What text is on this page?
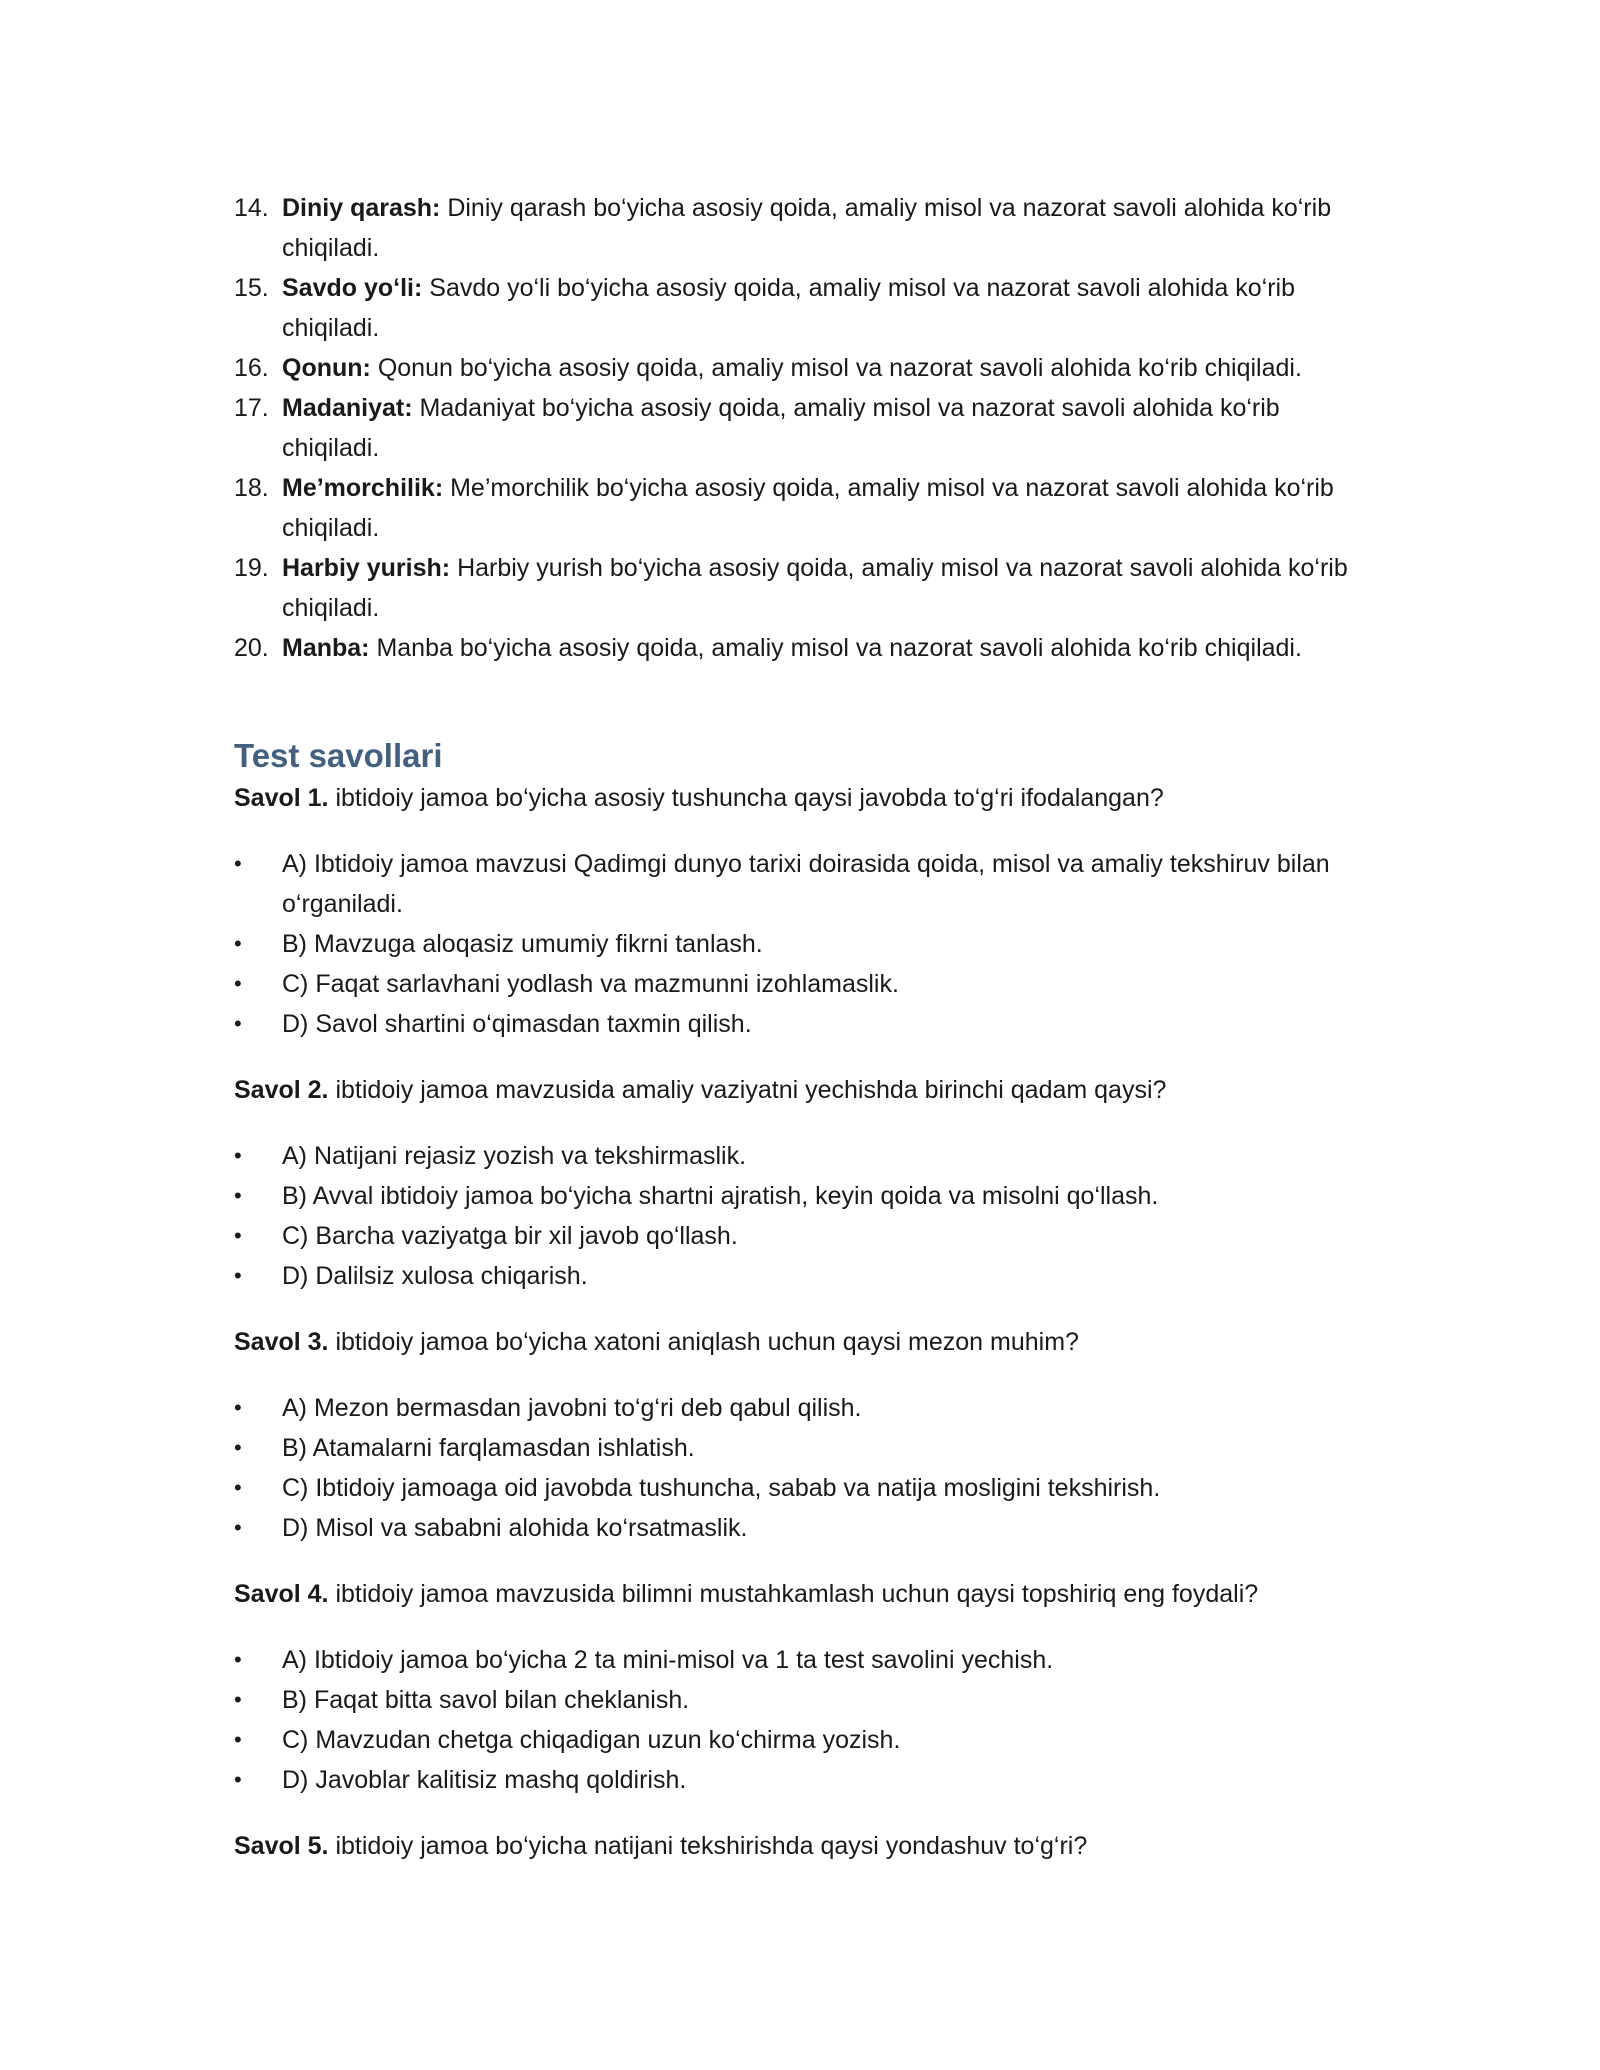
14. Diniy qarash: Diniy qarash bo‘yicha asosiy qoida, amaliy misol va nazorat savoli alohida ko‘rib chiqiladi.
15. Savdo yo‘li: Savdo yo‘li bo‘yicha asosiy qoida, amaliy misol va nazorat savoli alohida ko‘rib chiqiladi.
16. Qonun: Qonun bo‘yicha asosiy qoida, amaliy misol va nazorat savoli alohida ko‘rib chiqiladi.
17. Madaniyat: Madaniyat bo‘yicha asosiy qoida, amaliy misol va nazorat savoli alohida ko‘rib chiqiladi.
18. Me’morchilik: Me’morchilik bo‘yicha asosiy qoida, amaliy misol va nazorat savoli alohida ko‘rib chiqiladi.
19. Harbiy yurish: Harbiy yurish bo‘yicha asosiy qoida, amaliy misol va nazorat savoli alohida ko‘rib chiqiladi.
20. Manba: Manba bo‘yicha asosiy qoida, amaliy misol va nazorat savoli alohida ko‘rib chiqiladi.
Test savollari

Savol 1. ibtidoiy jamoa bo‘yicha asosiy tushuncha qaysi javobda to‘g‘ri ifodalangan?

• A) Ibtidoiy jamoa mavzusi Qadimgi dunyo tarixi doirasida qoida, misol va amaliy tekshiruv bilan o‘rganiladi.
• B) Mavzuga aloqasiz umumiy fikrni tanlash.
• C) Faqat sarlavhani yodlash va mazmunni izohlamaslik.
• D) Savol shartini o‘qimasdan taxmin qilish.

Savol 2. ibtidoiy jamoa mavzusida amaliy vaziyatni yechishda birinchi qadam qaysi?

• A) Natijani rejasiz yozish va tekshirmaslik.
• B) Avval ibtidoiy jamoa bo‘yicha shartni ajratish, keyin qoida va misolni qo‘llash.
• C) Barcha vaziyatga bir xil javob qo‘llash.
• D) Dalilsiz xulosa chiqarish.

Savol 3. ibtidoiy jamoa bo‘yicha xatoni aniqlash uchun qaysi mezon muhim?

• A) Mezon bermasdan javobni to‘g‘ri deb qabul qilish.
• B) Atamalarni farqlamasdan ishlatish.
• C) Ibtidoiy jamoaga oid javobda tushuncha, sabab va natija mosligini tekshirish.
• D) Misol va sababni alohida ko‘rsatmaslik.

Savol 4. ibtidoiy jamoa mavzusida bilimni mustahkamlash uchun qaysi topshiriq eng foydali?

• A) Ibtidoiy jamoa bo‘yicha 2 ta mini-misol va 1 ta test savolini yechish.
• B) Faqat bitta savol bilan cheklanish.
• C) Mavzudan chetga chiqadigan uzun ko‘chirma yozish.
• D) Javoblar kalitisiz mashq qoldirish.

Savol 5. ibtidoiy jamoa bo‘yicha natijani tekshirishda qaysi yondashuv to‘g‘ri?
